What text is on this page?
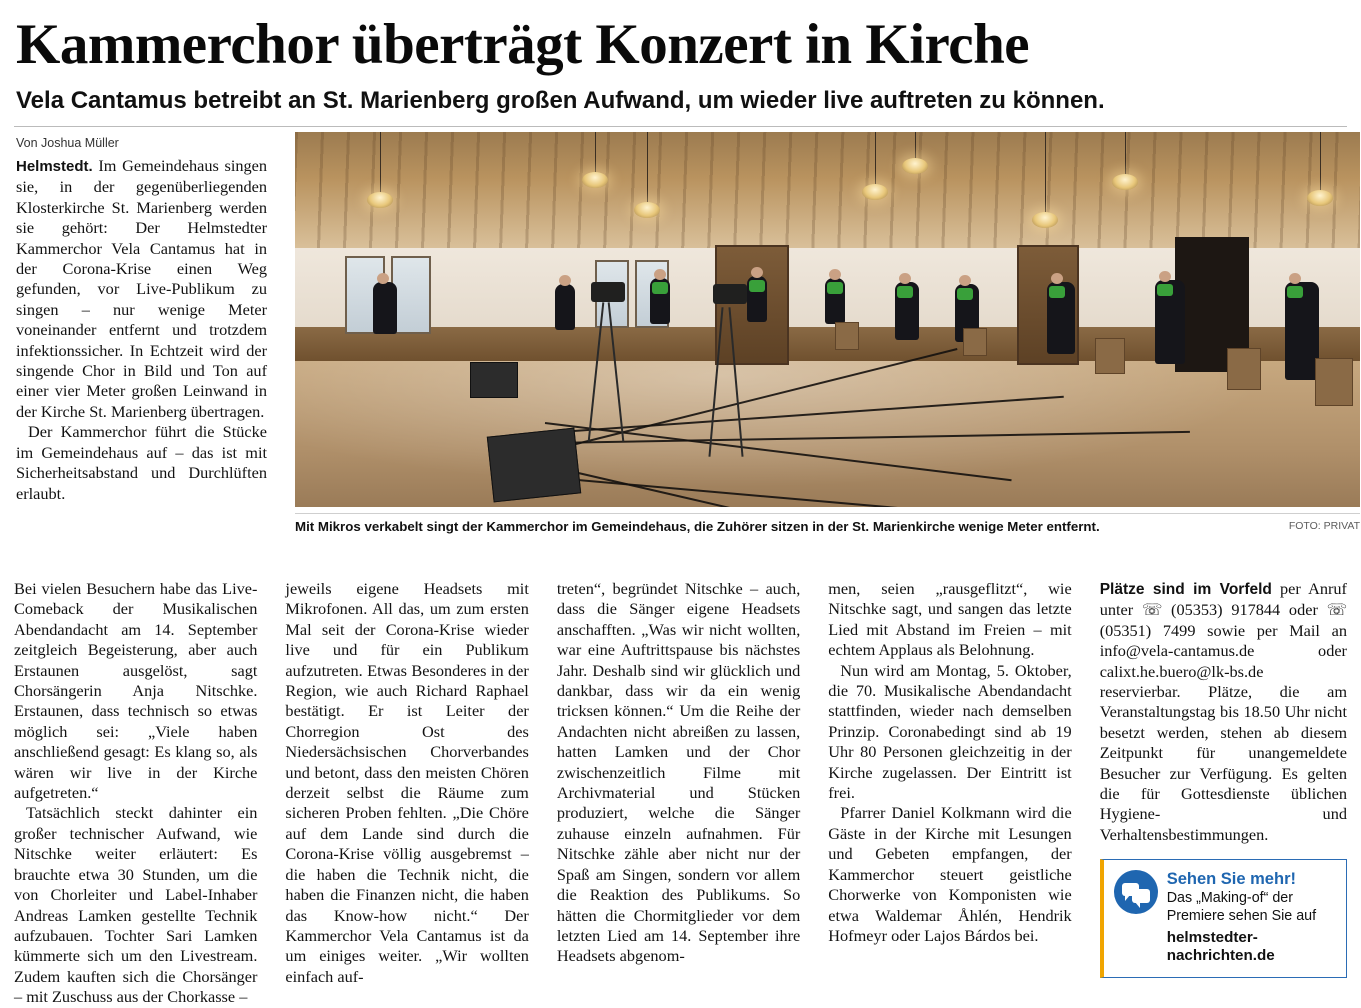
Kammerchor überträgt Konzert in Kirche
Vela Cantamus betreibt an St. Marienberg großen Aufwand, um wieder live auftreten zu können.
Von Joshua Müller

Helmstedt. Im Gemeindehaus singen sie, in der gegenüberliegenden Klosterkirche St. Marienberg werden sie gehört: Der Helmstedter Kammerchor Vela Cantamus hat in der Corona-Krise einen Weg gefunden, vor Live-Publikum zu singen – nur wenige Meter voneinander entfernt und trotzdem infektionssicher. In Echtzeit wird der singende Chor in Bild und Ton auf einer vier Meter großen Leinwand in der Kirche St. Marienberg übertragen.

Der Kammerchor führt die Stücke im Gemeindehaus auf – das ist mit Sicherheitsabstand und Durchlüften erlaubt.

Mit Mikros verkabelt singt der Kammerchor im Gemeindehaus, die Zuhörer sitzen in der St. Marienkirche wenige Meter entfernt.	FOTO: PRIVAT

Bei vielen Besuchern habe das Live-Comeback der Musikalischen Abendandacht am 14. September zeitgleich Begeisterung, aber auch Erstaunen ausgelöst, sagt Chorsängerin Anja Nitschke. Erstaunen, dass technisch so etwas möglich sei: „Viele haben anschließend gesagt: Es klang so, als wären wir live in der Kirche aufgetreten.“

Tatsächlich steckt dahinter ein großer technischer Aufwand, wie Nitschke weiter erläutert: Es brauchte etwa 30 Stunden, um die von Chorleiter und Label-Inhaber Andreas Lamken gestellte Technik aufzubauen. Tochter Sari Lamken kümmerte sich um den Livestream. Zudem kauften sich die Chorsänger – mit Zuschuss aus der Chorkasse –

jeweils eigene Headsets mit Mikrofonen. All das, um zum ersten Mal seit der Corona-Krise wieder live und für ein Publikum aufzutreten. Etwas Besonderes in der Region, wie auch Richard Raphael bestätigt. Er ist Leiter der Chorregion Ost des Niedersächsischen Chorverbandes und betont, dass den meisten Chören derzeit selbst die Räume zum sicheren Proben fehlten. „Die Chöre auf dem Lande sind durch die Corona-Krise völlig ausgebremst – die haben die Technik nicht, die haben die Finanzen nicht, die haben das Know-how nicht.“ Der Kammerchor Vela Cantamus ist da um einiges weiter. „Wir wollten einfach auf-

treten“, begründet Nitschke – auch, dass die Sänger eigene Headsets anschafften. „Was wir nicht wollten, war eine Auftrittspause bis nächstes Jahr. Deshalb sind wir glücklich und dankbar, dass wir da ein wenig tricksen können.“ Um die Reihe der Andachten nicht abreißen zu lassen, hatten Lamken und der Chor zwischenzeitlich Filme mit Archivmaterial und Stücken produziert, welche die Sänger zuhause einzeln aufnahmen. Für Nitschke zähle aber nicht nur der Spaß am Singen, sondern vor allem die Reaktion des Publikums. So hätten die Chormitglieder vor dem letzten Lied am 14. September ihre Headsets abgenom-

men, seien „rausgeflitzt“, wie Nitschke sagt, und sangen das letzte Lied mit Abstand im Freien – mit echtem Applaus als Belohnung.

Nun wird am Montag, 5. Oktober, die 70. Musikalische Abendandacht stattfinden, wieder nach demselben Prinzip. Coronabedingt sind ab 19 Uhr 80 Personen gleichzeitig in der Kirche zugelassen. Der Eintritt ist frei.

Pfarrer Daniel Kolkmann wird die Gäste in der Kirche mit Lesungen und Gebeten empfangen, der Kammerchor steuert geistliche Chorwerke von Komponisten wie etwa Waldemar Åhlén, Hendrik Hofmeyr oder Lajos Bárdos bei.

Plätze sind im Vorfeld per Anruf unter ☏ (05353) 917844 oder ☏ (05351) 7499 sowie per Mail an info@vela-cantamus.de oder calixt.he.buero@lk-bs.de reservierbar. Plätze, die am Veranstaltungstag bis 18.50 Uhr nicht besetzt werden, stehen ab diesem Zeitpunkt für unangemeldete Besucher zur Verfügung. Es gelten die für Gottesdienste üblichen Hygiene- und Verhaltensbestimmungen.
Sehen Sie mehr!
Das „Making-of“ der Premiere sehen Sie auf
helmstedter-nachrichten.de
